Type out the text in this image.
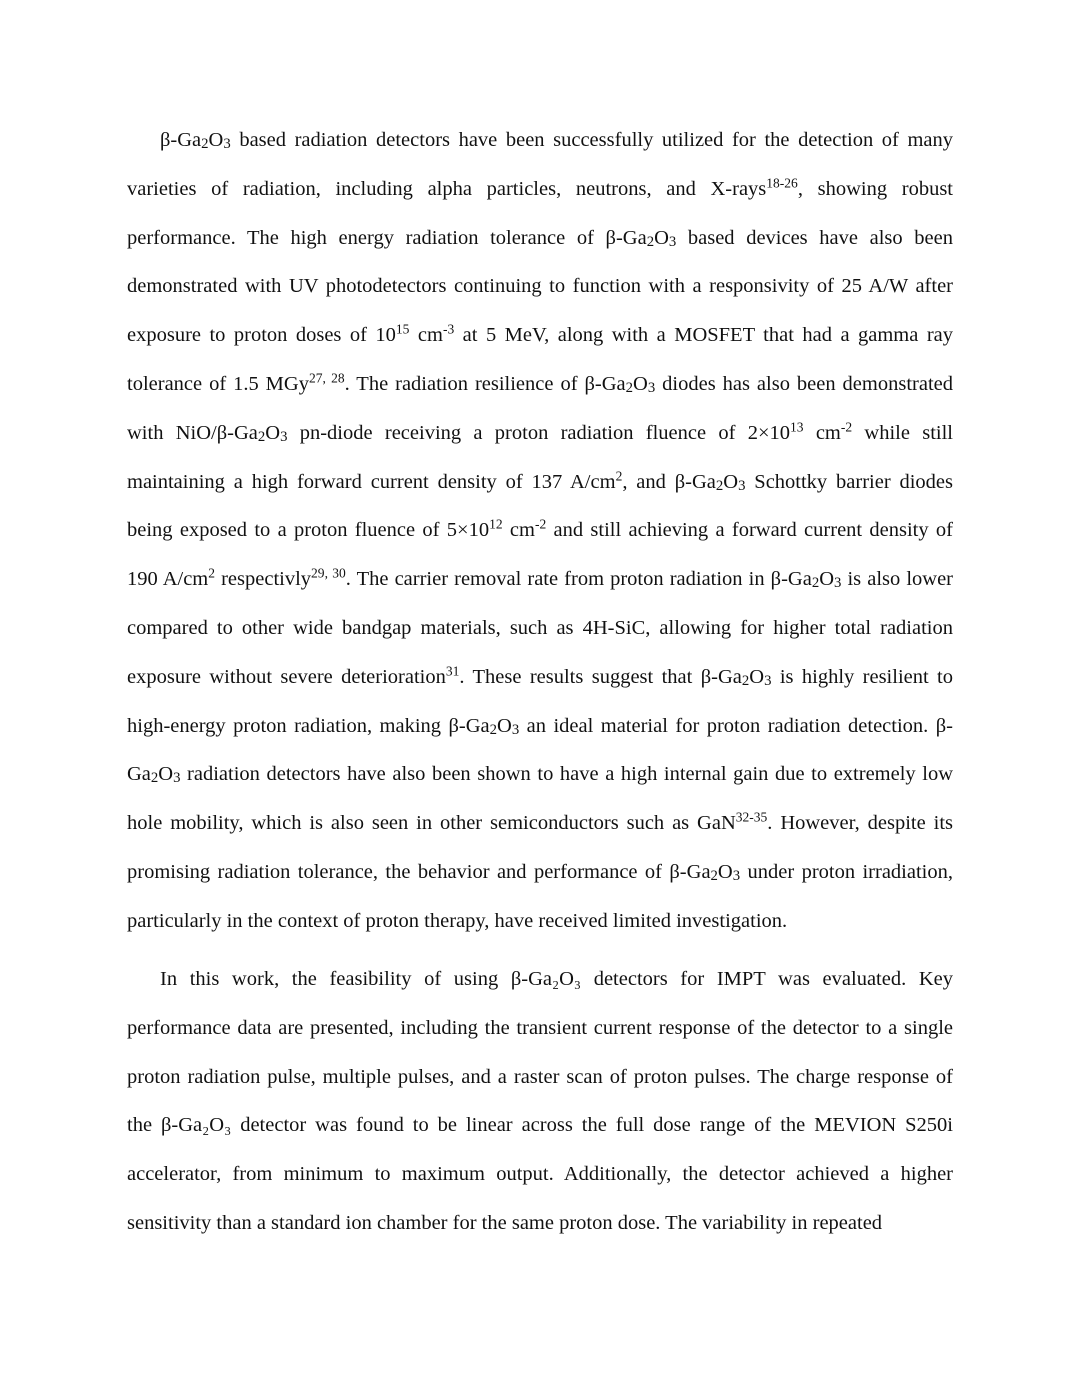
$\beta-Ga_2O_3$ based radiation detectors have been successfully utilized for the detection of many varieties of radiation, including alpha particles, neutrons, and X-rays$^{18-26}$, showing robust performance. The high energy radiation tolerance of $\beta-Ga_2O_3$ based devices have also been demonstrated with UV photodetectors continuing to function with a responsivity of 25 A/W after exposure to proton doses of $10^{15}$ $cm^{-3}$ at 5 MeV, along with a MOSFET that had a gamma ray tolerance of 1.5 MGy$^{27, 28}$. The radiation resilience of $\beta-Ga_2O_3$ diodes has also been demonstrated with NiO/$\beta-Ga_2O_3$ pn-diode receiving a proton radiation fluence of $2\times 10^{13}$ $cm^{-2}$ while still maintaining a high forward current density of 137 $A/cm^2$, and $\beta-Ga_2O_3$ Schottky barrier diodes being exposed to a proton fluence of $5\times 10^{12}$ $cm^{-2}$ and still achieving a forward current density of 190 $A/cm^2$ respectivly$^{29, 30}$. The carrier removal rate from proton radiation in $\beta-Ga_2O_3$ is also lower compared to other wide bandgap materials, such as 4H-SiC, allowing for higher total radiation exposure without severe deterioration$^{31}$. These results suggest that $\beta-Ga_2O_3$ is highly resilient to high-energy proton radiation, making $\beta-Ga_2O_3$ an ideal material for proton radiation detection. $\beta-Ga_2O_3$ radiation detectors have also been shown to have a high internal gain due to extremely low hole mobility, which is also seen in other semiconductors such as GaN$^{32-35}$. However, despite its promising radiation tolerance, the behavior and performance of $\beta-Ga_2O_3$ under proton irradiation, particularly in the context of proton therapy, have received limited investigation.

In this work, the feasibility of using β-Ga₂O₃ detectors for IMPT was evaluated. Key performance data are presented, including the transient current response of the detector to a single proton radiation pulse, multiple pulses, and a raster scan of proton pulses. The charge response of the β-Ga₂O₃ detector was found to be linear across the full dose range of the MEVION S250i accelerator, from minimum to maximum output. Additionally, the detector achieved a higher sensitivity than a standard ion chamber for the same proton dose. The variability in repeated
